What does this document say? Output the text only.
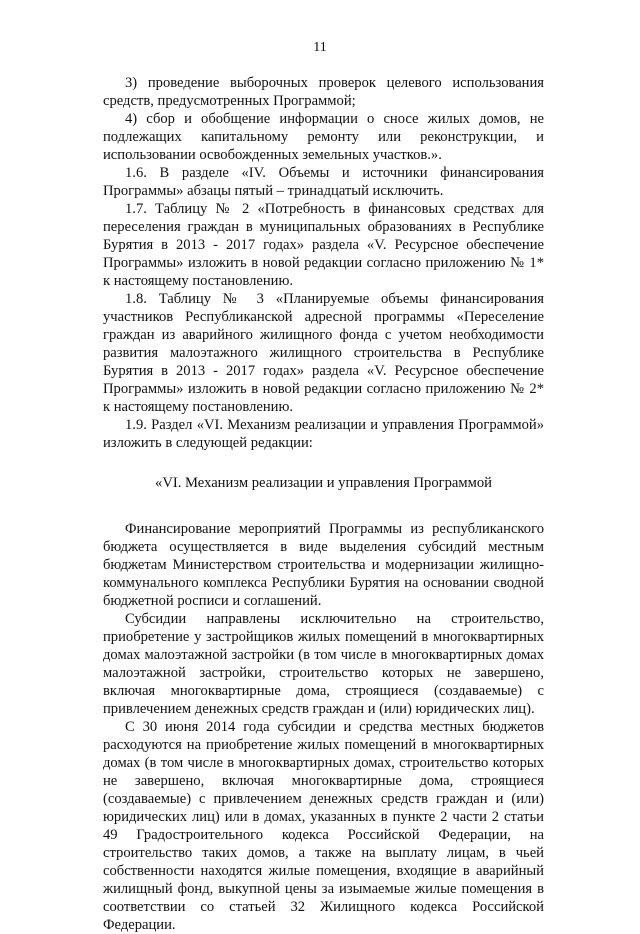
11

3) проведение выборочных проверок целевого использования средств, предусмотренных Программой;

4) сбор и обобщение информации о сносе жилых домов, не подлежащих капитальному ремонту или реконструкции, и использовании освобожденных земельных участков.».

1.6. В разделе «IV. Объемы и источники финансирования Программы» абзацы пятый – тринадцатый исключить.

1.7. Таблицу № 2 «Потребность в финансовых средствах для переселения граждан в муниципальных образованиях в Республике Бурятия в 2013 - 2017 годах» раздела «V. Ресурсное обеспечение Программы» изложить в новой редакции согласно приложению № 1* к настоящему постановлению.

1.8. Таблицу № 3 «Планируемые объемы финансирования участников Республиканской адресной программы «Переселение граждан из аварийного жилищного фонда с учетом необходимости развития малоэтажного жилищного строительства в Республике Бурятия в 2013 - 2017 годах» раздела «V. Ресурсное обеспечение Программы» изложить в новой редакции согласно приложению № 2* к настоящему постановлению.

1.9. Раздел «VI. Механизм реализации и управления Программой» изложить в следующей редакции:

«VI. Механизм реализации и управления Программой

Финансирование мероприятий Программы из республиканского бюджета осуществляется в виде выделения субсидий местным бюджетам Министерством строительства и модернизации жилищно-коммунального комплекса Республики Бурятия на основании сводной бюджетной росписи и соглашений.

Субсидии направлены исключительно на строительство, приобретение у застройщиков жилых помещений в многоквартирных домах малоэтажной застройки (в том числе в многоквартирных домах малоэтажной застройки, строительство которых не завершено, включая многоквартирные дома, строящиеся (создаваемые) с привлечением денежных средств граждан и (или) юридических лиц).

С 30 июня 2014 года субсидии и средства местных бюджетов расходуются на приобретение жилых помещений в многоквартирных домах (в том числе в многоквартирных домах, строительство которых не завершено, включая многоквартирные дома, строящиеся (создаваемые) с привлечением денежных средств граждан и (или) юридических лиц) или в домах, указанных в пункте 2 части 2 статьи 49 Градостроительного кодекса Российской Федерации, на строительство таких домов, а также на выплату лицам, в чьей собственности находятся жилые помещения, входящие в аварийный жилищный фонд, выкупной цены за изымаемые жилые помещения в соответствии со статьей 32 Жилищного кодекса Российской Федерации.
